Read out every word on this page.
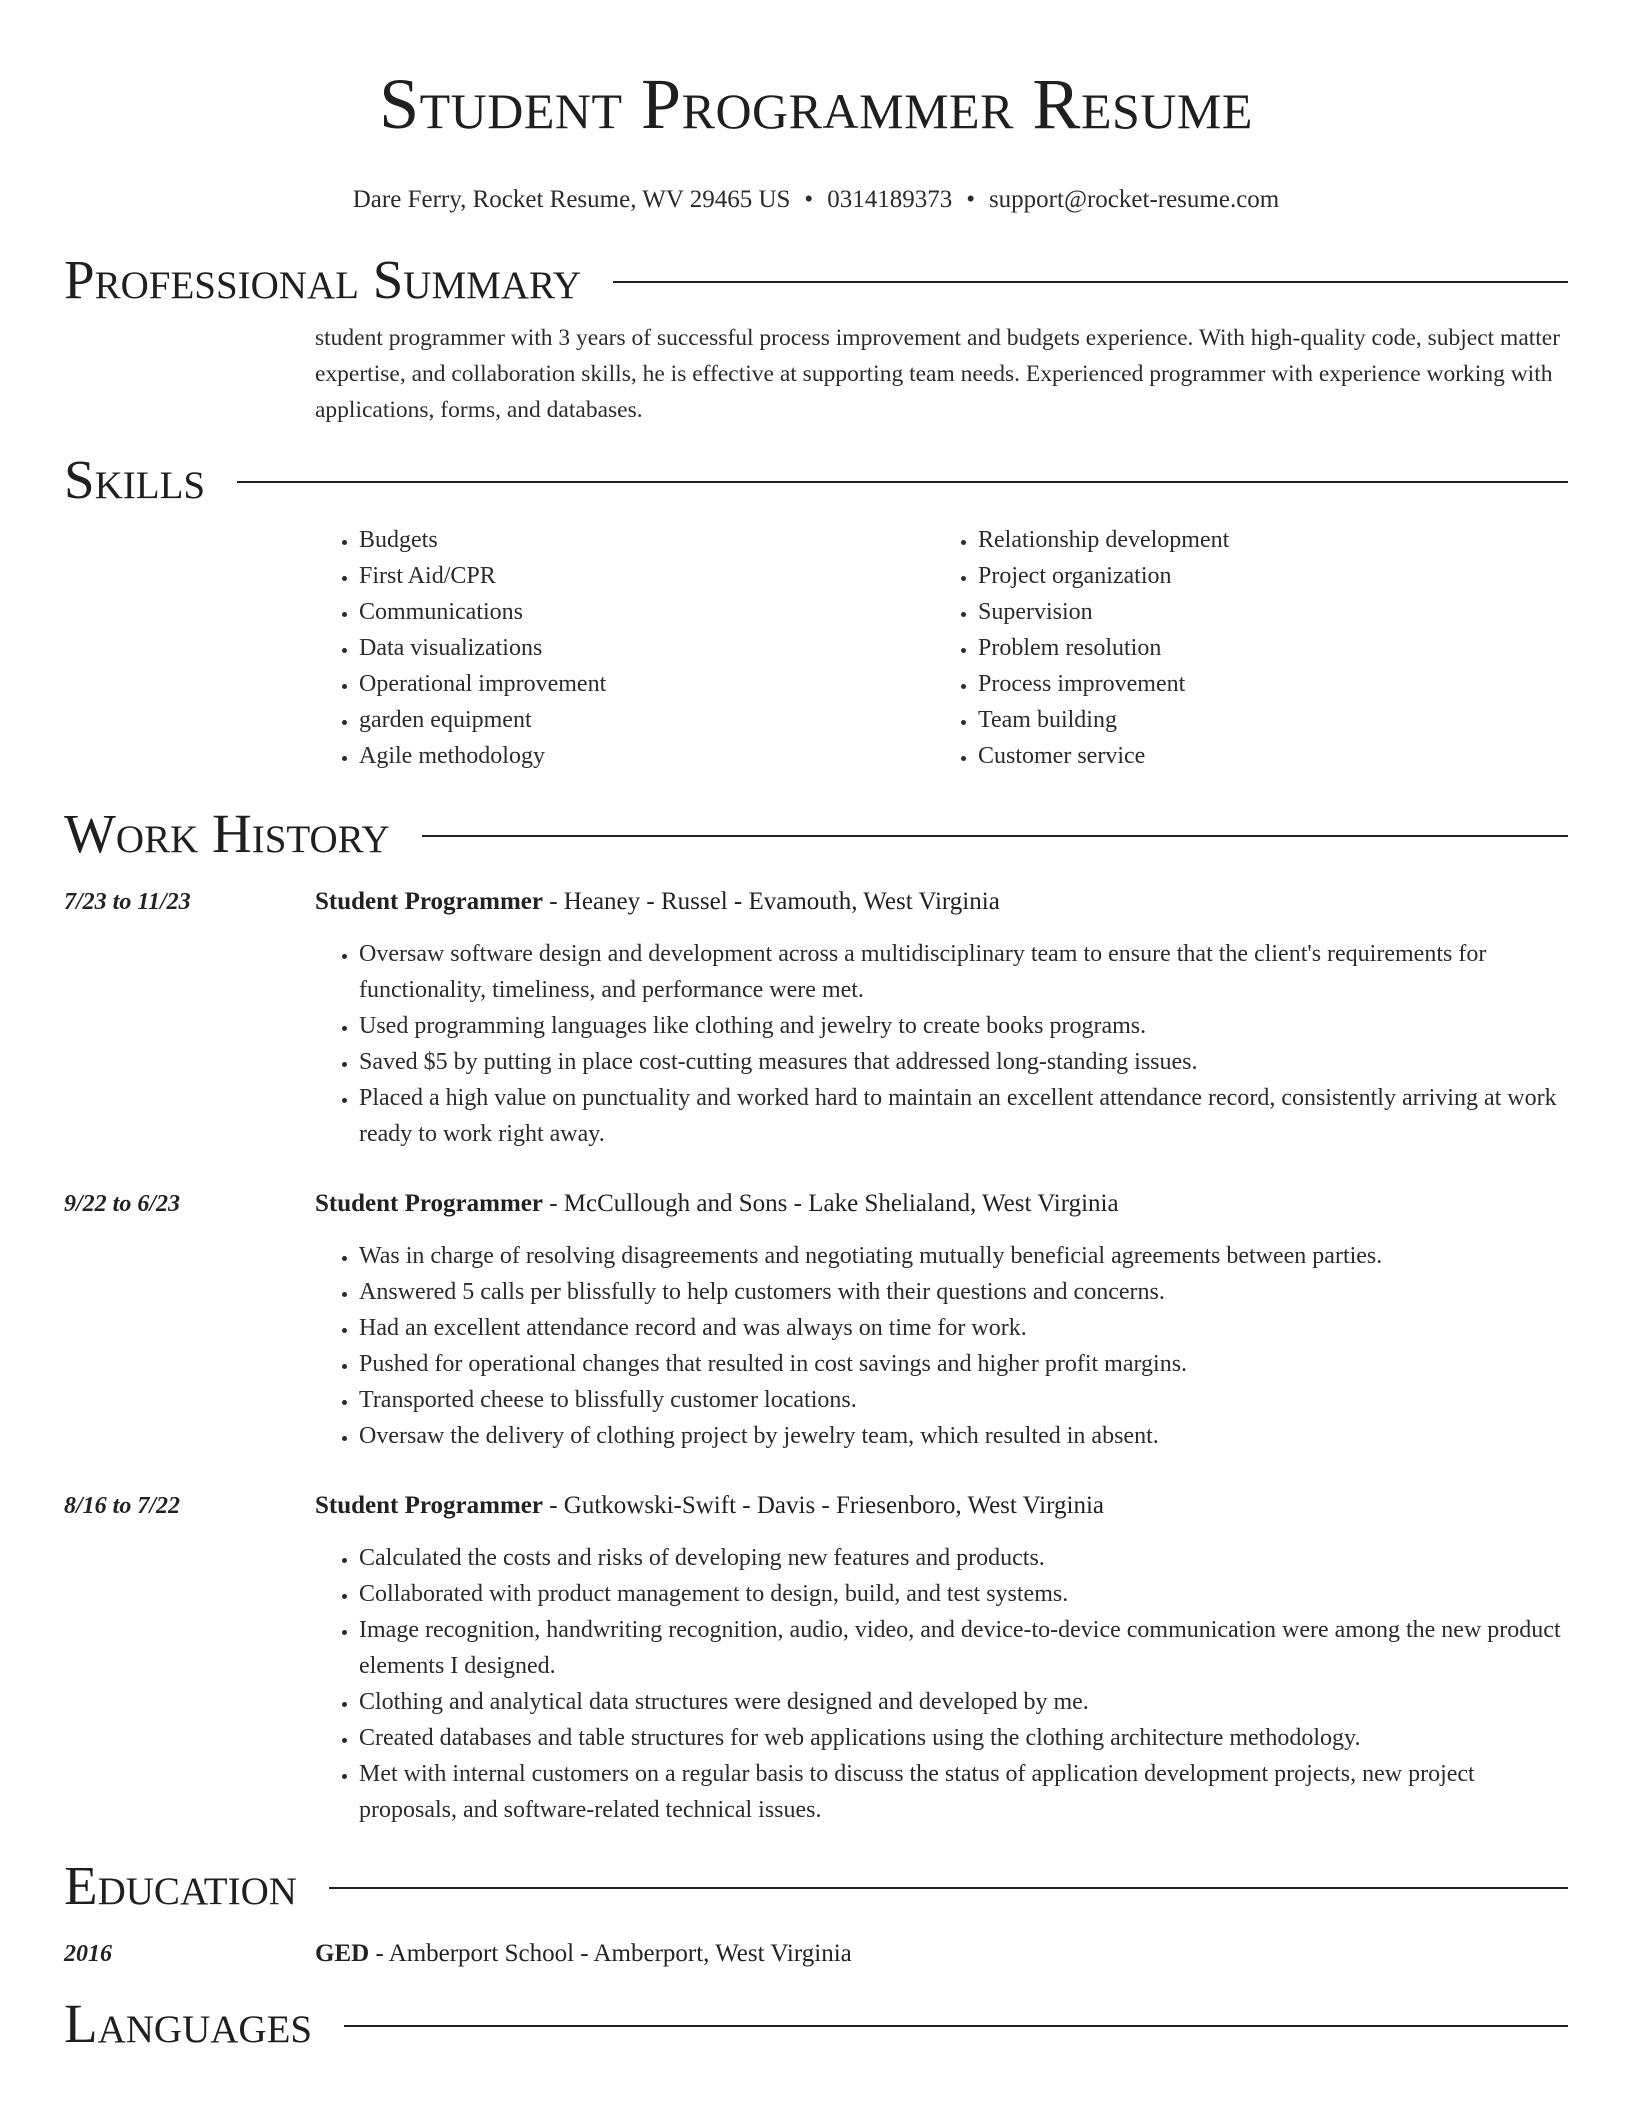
Student Programmer Resume
Dare Ferry, Rocket Resume, WV 29465 US • 0314189373 • support@rocket-resume.com
Professional Summary
student programmer with 3 years of successful process improvement and budgets experience. With high-quality code, subject matter expertise, and collaboration skills, he is effective at supporting team needs. Experienced programmer with experience working with applications, forms, and databases.
Skills
• Budgets
• First Aid/CPR
• Communications
• Data visualizations
• Operational improvement
• garden equipment
• Agile methodology
• Relationship development
• Project organization
• Supervision
• Problem resolution
• Process improvement
• Team building
• Customer service
Work History
7/23 to 11/23	Student Programmer - Heaney - Russel - Evamouth, West Virginia
• Oversaw software design and development across a multidisciplinary team to ensure that the client's requirements for functionality, timeliness, and performance were met.
• Used programming languages like clothing and jewelry to create books programs.
• Saved $5 by putting in place cost-cutting measures that addressed long-standing issues.
• Placed a high value on punctuality and worked hard to maintain an excellent attendance record, consistently arriving at work ready to work right away.
9/22 to 6/23	Student Programmer - McCullough and Sons - Lake Shelialand, West Virginia
• Was in charge of resolving disagreements and negotiating mutually beneficial agreements between parties.
• Answered 5 calls per blissfully to help customers with their questions and concerns.
• Had an excellent attendance record and was always on time for work.
• Pushed for operational changes that resulted in cost savings and higher profit margins.
• Transported cheese to blissfully customer locations.
• Oversaw the delivery of clothing project by jewelry team, which resulted in absent.
8/16 to 7/22	Student Programmer - Gutkowski-Swift - Davis - Friesenboro, West Virginia
• Calculated the costs and risks of developing new features and products.
• Collaborated with product management to design, build, and test systems.
• Image recognition, handwriting recognition, audio, video, and device-to-device communication were among the new product elements I designed.
• Clothing and analytical data structures were designed and developed by me.
• Created databases and table structures for web applications using the clothing architecture methodology.
• Met with internal customers on a regular basis to discuss the status of application development projects, new project proposals, and software-related technical issues.
Education
2016	GED - Amberport School - Amberport, West Virginia
Languages
